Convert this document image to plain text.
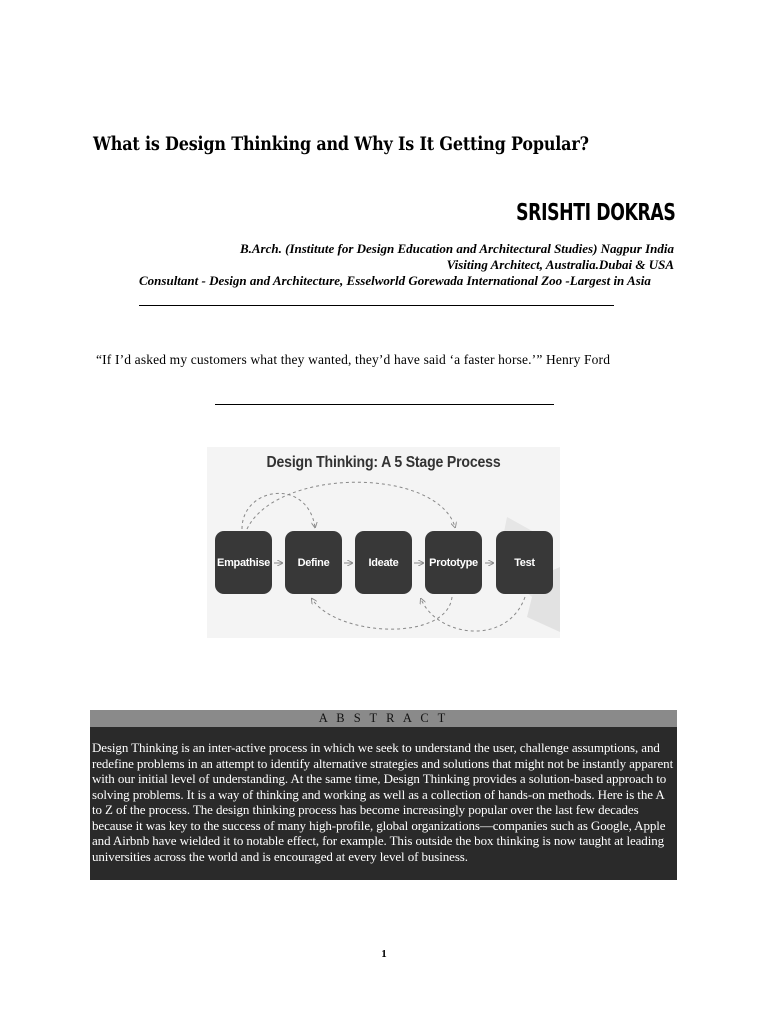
What is Design Thinking and Why Is It Getting Popular?
SRISHTI DOKRAS
B.Arch. (Institute for Design Education and Architectural Studies) Nagpur India
Visiting Architect, Australia.Dubai & USA
Consultant - Design and Architecture, Esselworld Gorewada International Zoo -Largest in Asia
“If I’d asked my customers what they wanted, they’d have said ‘a faster horse.’” Henry Ford
Design Thinking: A 5 Stage Process
Empathise	Define	Ideate	Prototype	Test
A B S T R A C T
Design Thinking is an inter-active process in which we seek to understand the user, challenge assumptions, and redefine problems in an attempt to identify alternative strategies and solutions that might not be instantly apparent with our initial level of understanding. At the same time, Design Thinking provides a solution-based approach to solving problems. It is a way of thinking and working as well as a collection of hands-on methods. Here is the A to Z of the process. The design thinking process has become increasingly popular over the last few decades because it was key to the success of many high-profile, global organizations—companies such as Google, Apple and Airbnb have wielded it to notable effect, for example. This outside the box thinking is now taught at leading universities across the world and is encouraged at every level of business.
1
